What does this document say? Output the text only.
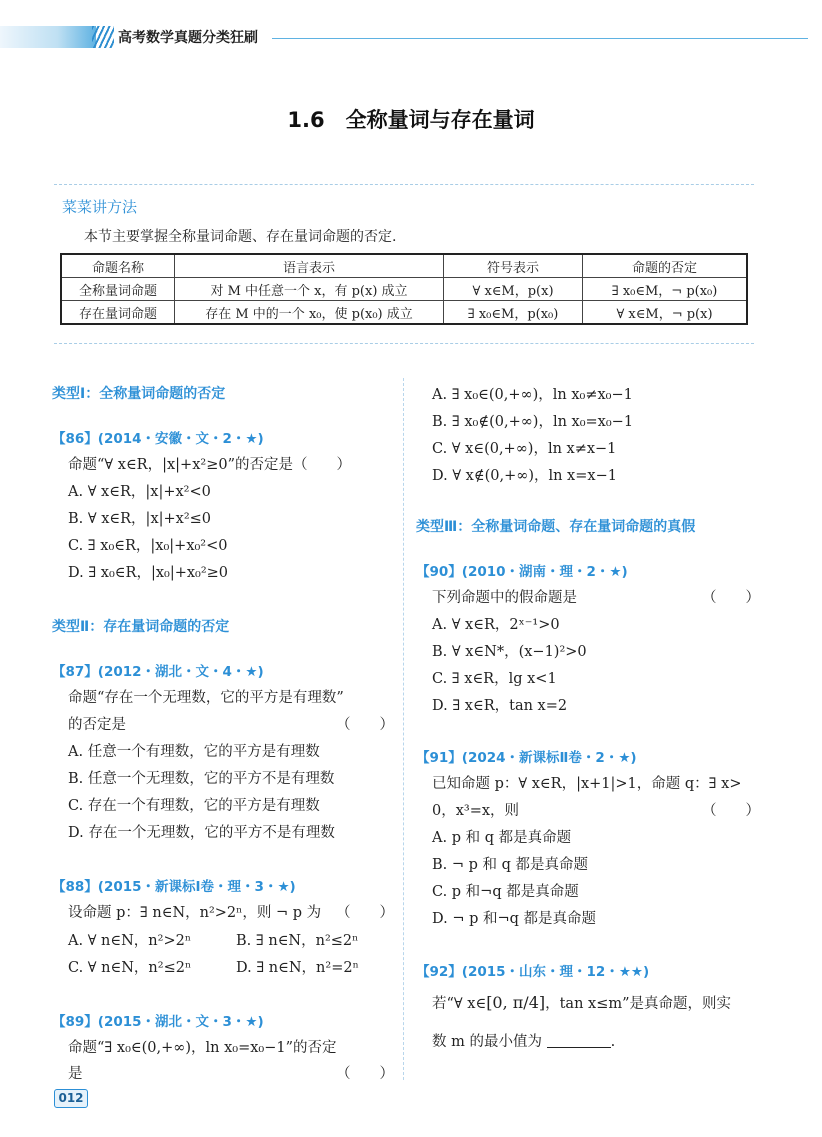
高考数学真题分类狂刷
1.6　全称量词与存在量词
菜菜讲方法
本节主要掌握全称量词命题、存在量词命题的否定.
命题名称	语言表示	符号表示	命题的否定
全称量词命题	对 M 中任意一个 x，有 p(x) 成立	∀ x∈M，p(x)	∃ x₀∈M，¬ p(x₀)
存在量词命题	存在 M 中的一个 x₀，使 p(x₀) 成立	∃ x₀∈M，p(x₀)	∀ x∈M，¬ p(x)
类型Ⅰ：全称量词命题的否定
【86】(2014・安徽・文・2・★)
命题“∀ x∈R，|x|+x²≥0”的否定是（　　）
A. ∀ x∈R，|x|+x²<0
B. ∀ x∈R，|x|+x²≤0
C. ∃ x₀∈R，|x₀|+x₀²<0
D. ∃ x₀∈R，|x₀|+x₀²≥0
类型Ⅱ：存在量词命题的否定
【87】(2012・湖北・文・4・★)
命题“存在一个无理数，它的平方是有理数”
的否定是	（　　）
A. 任意一个有理数，它的平方是有理数
B. 任意一个无理数，它的平方不是有理数
C. 存在一个有理数，它的平方是有理数
D. 存在一个无理数，它的平方不是有理数
【88】(2015・新课标Ⅰ卷・理・3・★)
设命题 p：∃ n∈N，n²>2ⁿ，则 ¬ p 为 （　　）
A. ∀ n∈N，n²>2ⁿ	B. ∃ n∈N，n²≤2ⁿ
C. ∀ n∈N，n²≤2ⁿ	D. ∃ n∈N，n²=2ⁿ
【89】(2015・湖北・文・3・★)
命题“∃ x₀∈(0,+∞)，ln x₀=x₀−1”的否定
是	（　　）
A. ∃ x₀∈(0,+∞)，ln x₀≠x₀−1
B. ∃ x₀∉(0,+∞)，ln x₀=x₀−1
C. ∀ x∈(0,+∞)，ln x≠x−1
D. ∀ x∉(0,+∞)，ln x=x−1
类型Ⅲ：全称量词命题、存在量词命题的真假
【90】(2010・湖南・理・2・★)
下列命题中的假命题是	（　　）
A. ∀ x∈R，2ˣ⁻¹>0
B. ∀ x∈N*，(x−1)²>0
C. ∃ x∈R，lg x<1
D. ∃ x∈R，tan x=2
【91】(2024・新课标Ⅱ卷・2・★)
已知命题 p：∀ x∈R，|x+1|>1，命题 q：∃ x>
0，x³=x，则	（　　）
A. p 和 q 都是真命题
B. ¬ p 和 q 都是真命题
C. p 和¬q 都是真命题
D. ¬ p 和¬q 都是真命题
【92】(2015・山东・理・12・★★)
若“∀ x∈[0, π/4]，tan x≤m”是真命题，则实
数 m 的最小值为	.
012
